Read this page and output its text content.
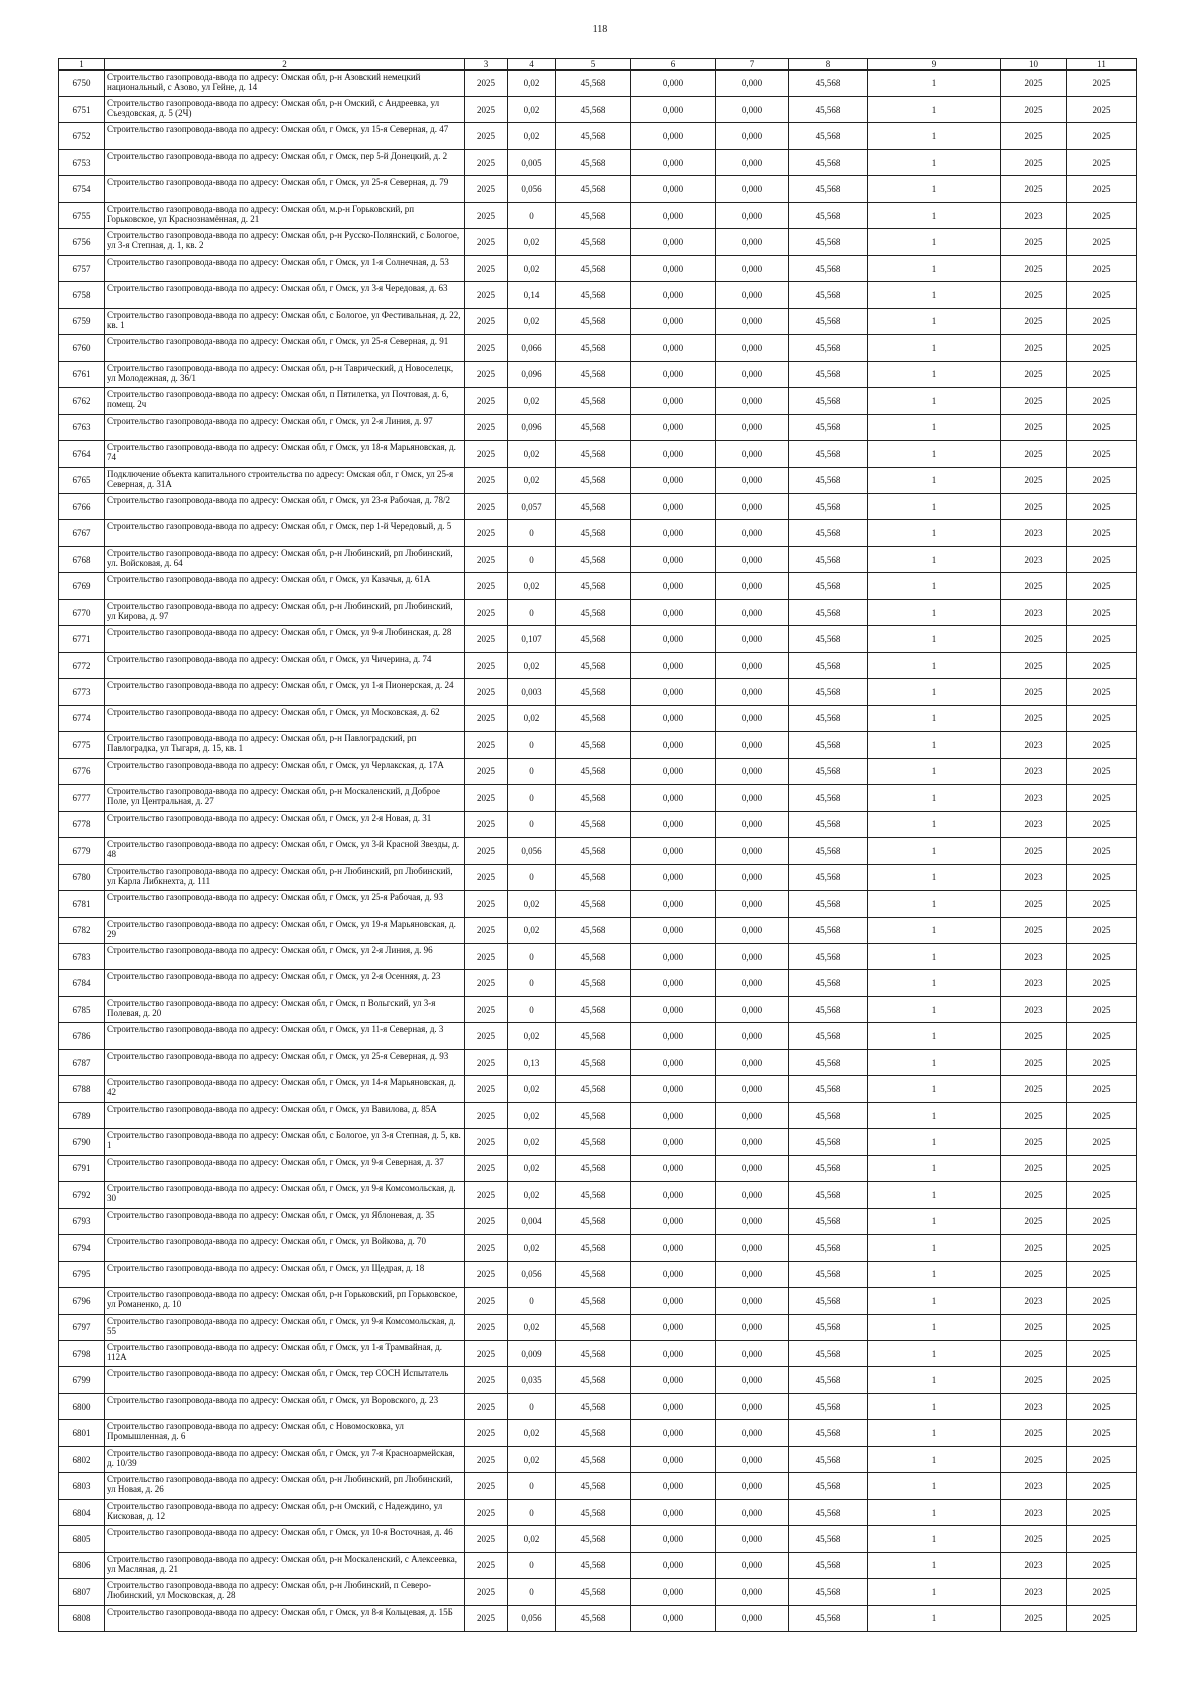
118
1	2	3	4	5	6	7	8	9	10	11
6750	Строительство газопровода-ввода по адресу: Омская обл, р-н Азовский немецкий национальный, с Азово, ул Гейне, д. 14	2025	0,02	45,568	0,000	0,000	45,568	1	2025	2025
6751	Строительство газопровода-ввода по адресу: Омская обл, р-н Омский, с Андреевка, ул Съездовская, д. 5 (2Ч)	2025	0,02	45,568	0,000	0,000	45,568	1	2025	2025
6752	Строительство газопровода-ввода по адресу: Омская обл, г Омск, ул 15-я Северная, д. 47	2025	0,02	45,568	0,000	0,000	45,568	1	2025	2025
6753	Строительство газопровода-ввода по адресу: Омская обл, г Омск, пер 5-й Донецкий, д. 2	2025	0,005	45,568	0,000	0,000	45,568	1	2025	2025
6754	Строительство газопровода-ввода по адресу: Омская обл, г Омск, ул 25-я Северная, д. 79	2025	0,056	45,568	0,000	0,000	45,568	1	2025	2025
6755	Строительство газопровода-ввода по адресу: Омская обл, м.р-н Горьковский, рп Горьковское, ул Краснознамённая, д. 21	2025	0	45,568	0,000	0,000	45,568	1	2023	2025
6756	Строительство газопровода-ввода по адресу: Омская обл, р-н Русско-Полянский, с Бологое, ул 3-я Степная, д. 1, кв. 2	2025	0,02	45,568	0,000	0,000	45,568	1	2025	2025
6757	Строительство газопровода-ввода по адресу: Омская обл, г Омск, ул 1-я Солнечная, д. 53	2025	0,02	45,568	0,000	0,000	45,568	1	2025	2025
6758	Строительство газопровода-ввода по адресу: Омская обл, г Омск, ул 3-я Чередовая, д. 63	2025	0,14	45,568	0,000	0,000	45,568	1	2025	2025
6759	Строительство газопровода-ввода по адресу: Омская обл, с Бологое, ул Фестивальная, д. 22, кв. 1	2025	0,02	45,568	0,000	0,000	45,568	1	2025	2025
6760	Строительство газопровода-ввода по адресу: Омская обл, г Омск, ул 25-я Северная, д. 91	2025	0,066	45,568	0,000	0,000	45,568	1	2025	2025
6761	Строительство газопровода-ввода по адресу: Омская обл, р-н Таврический, д Новоселецк, ул Молодежная, д. 36/1	2025	0,096	45,568	0,000	0,000	45,568	1	2025	2025
6762	Строительство газопровода-ввода по адресу: Омская обл, п Пятилетка, ул Почтовая, д. 6, помещ. 2ч	2025	0,02	45,568	0,000	0,000	45,568	1	2025	2025
6763	Строительство газопровода-ввода по адресу: Омская обл, г Омск, ул 2-я Линия, д. 97	2025	0,096	45,568	0,000	0,000	45,568	1	2025	2025
6764	Строительство газопровода-ввода по адресу: Омская обл, г Омск, ул 18-я Марьяновская, д. 74	2025	0,02	45,568	0,000	0,000	45,568	1	2025	2025
6765	Подключение объекта капитального строительства по адресу: Омская обл, г Омск, ул 25-я Северная, д. 31А	2025	0,02	45,568	0,000	0,000	45,568	1	2025	2025
6766	Строительство газопровода-ввода по адресу: Омская обл, г Омск, ул 23-я Рабочая, д. 78/2	2025	0,057	45,568	0,000	0,000	45,568	1	2025	2025
6767	Строительство газопровода-ввода по адресу: Омская обл, г Омск, пер 1-й Чередовый, д. 5	2025	0	45,568	0,000	0,000	45,568	1	2023	2025
6768	Строительство газопровода-ввода по адресу: Омская обл, р-н Любинский, рп Любинский, ул. Войсковая, д. 64	2025	0	45,568	0,000	0,000	45,568	1	2023	2025
6769	Строительство газопровода-ввода по адресу: Омская обл, г Омск, ул Казачья, д. 61А	2025	0,02	45,568	0,000	0,000	45,568	1	2025	2025
6770	Строительство газопровода-ввода по адресу: Омская обл, р-н Любинский, рп Любинский, ул Кирова, д. 97	2025	0	45,568	0,000	0,000	45,568	1	2023	2025
6771	Строительство газопровода-ввода по адресу: Омская обл, г Омск, ул 9-я Любинская, д. 28	2025	0,107	45,568	0,000	0,000	45,568	1	2025	2025
6772	Строительство газопровода-ввода по адресу: Омская обл, г Омск, ул Чичерина, д. 74	2025	0,02	45,568	0,000	0,000	45,568	1	2025	2025
6773	Строительство газопровода-ввода по адресу: Омская обл, г Омск, ул 1-я Пионерская, д. 24	2025	0,003	45,568	0,000	0,000	45,568	1	2025	2025
6774	Строительство газопровода-ввода по адресу: Омская обл, г Омск, ул Московская, д. 62	2025	0,02	45,568	0,000	0,000	45,568	1	2025	2025
6775	Строительство газопровода-ввода по адресу: Омская обл, р-н Павлоградский, рп Павлоградка, ул Тыгаря, д. 15, кв. 1	2025	0	45,568	0,000	0,000	45,568	1	2023	2025
6776	Строительство газопровода-ввода по адресу: Омская обл, г Омск, ул Черлакская, д. 17А	2025	0	45,568	0,000	0,000	45,568	1	2023	2025
6777	Строительство газопровода-ввода по адресу: Омская обл, р-н Москаленский, д Доброе Поле, ул Центральная, д. 27	2025	0	45,568	0,000	0,000	45,568	1	2023	2025
6778	Строительство газопровода-ввода по адресу: Омская обл, г Омск, ул 2-я Новая, д. 31	2025	0	45,568	0,000	0,000	45,568	1	2023	2025
6779	Строительство газопровода-ввода по адресу: Омская обл, г Омск, ул 3-й Красной Звезды, д. 48	2025	0,056	45,568	0,000	0,000	45,568	1	2025	2025
6780	Строительство газопровода-ввода по адресу: Омская обл, р-н Любинский, рп Любинский, ул Карла Либкнехта, д. 111	2025	0	45,568	0,000	0,000	45,568	1	2023	2025
6781	Строительство газопровода-ввода по адресу: Омская обл, г Омск, ул 25-я Рабочая, д. 93	2025	0,02	45,568	0,000	0,000	45,568	1	2025	2025
6782	Строительство газопровода-ввода по адресу: Омская обл, г Омск, ул 19-я Марьяновская, д. 29	2025	0,02	45,568	0,000	0,000	45,568	1	2025	2025
6783	Строительство газопровода-ввода по адресу: Омская обл, г Омск, ул 2-я Линия, д. 96	2025	0	45,568	0,000	0,000	45,568	1	2023	2025
6784	Строительство газопровода-ввода по адресу: Омская обл, г Омск, ул 2-я Осенняя, д. 23	2025	0	45,568	0,000	0,000	45,568	1	2023	2025
6785	Строительство газопровода-ввода по адресу: Омская обл, г Омск, п Вольгский, ул 3-я Полевая, д. 20	2025	0	45,568	0,000	0,000	45,568	1	2023	2025
6786	Строительство газопровода-ввода по адресу: Омская обл, г Омск, ул 11-я Северная, д. 3	2025	0,02	45,568	0,000	0,000	45,568	1	2025	2025
6787	Строительство газопровода-ввода по адресу: Омская обл, г Омск, ул 25-я Северная, д. 93	2025	0,13	45,568	0,000	0,000	45,568	1	2025	2025
6788	Строительство газопровода-ввода по адресу: Омская обл, г Омск, ул 14-я Марьяновская, д. 42	2025	0,02	45,568	0,000	0,000	45,568	1	2025	2025
6789	Строительство газопровода-ввода по адресу: Омская обл, г Омск, ул Вавилова, д. 85А	2025	0,02	45,568	0,000	0,000	45,568	1	2025	2025
6790	Строительство газопровода-ввода по адресу: Омская обл, с Бологое, ул 3-я Степная, д. 5, кв. 1	2025	0,02	45,568	0,000	0,000	45,568	1	2025	2025
6791	Строительство газопровода-ввода по адресу: Омская обл, г Омск, ул 9-я Северная, д. 37	2025	0,02	45,568	0,000	0,000	45,568	1	2025	2025
6792	Строительство газопровода-ввода по адресу: Омская обл, г Омск, ул 9-я Комсомольская, д. 30	2025	0,02	45,568	0,000	0,000	45,568	1	2025	2025
6793	Строительство газопровода-ввода по адресу: Омская обл, г Омск, ул Яблоневая, д. 35	2025	0,004	45,568	0,000	0,000	45,568	1	2025	2025
6794	Строительство газопровода-ввода по адресу: Омская обл, г Омск, ул Войкова, д. 70	2025	0,02	45,568	0,000	0,000	45,568	1	2025	2025
6795	Строительство газопровода-ввода по адресу: Омская обл, г Омск, ул Щедрая, д. 18	2025	0,056	45,568	0,000	0,000	45,568	1	2025	2025
6796	Строительство газопровода-ввода по адресу: Омская обл, р-н Горьковский, рп Горьковское, ул Романенко, д. 10	2025	0	45,568	0,000	0,000	45,568	1	2023	2025
6797	Строительство газопровода-ввода по адресу: Омская обл, г Омск, ул 9-я Комсомольская, д. 55	2025	0,02	45,568	0,000	0,000	45,568	1	2025	2025
6798	Строительство газопровода-ввода по адресу: Омская обл, г Омск, ул 1-я Трамвайная, д. 112А	2025	0,009	45,568	0,000	0,000	45,568	1	2025	2025
6799	Строительство газопровода-ввода по адресу: Омская обл, г Омск, тер СОСН Испытатель	2025	0,035	45,568	0,000	0,000	45,568	1	2025	2025
6800	Строительство газопровода-ввода по адресу: Омская обл, г Омск, ул Воровского, д. 23	2025	0	45,568	0,000	0,000	45,568	1	2023	2025
6801	Строительство газопровода-ввода по адресу: Омская обл, с Новомосковка, ул Промышленная, д. 6	2025	0,02	45,568	0,000	0,000	45,568	1	2025	2025
6802	Строительство газопровода-ввода по адресу: Омская обл, г Омск, ул 7-я Красноармейская, д. 10/39	2025	0,02	45,568	0,000	0,000	45,568	1	2025	2025
6803	Строительство газопровода-ввода по адресу: Омская обл, р-н Любинский, рп Любинский, ул Новая, д. 26	2025	0	45,568	0,000	0,000	45,568	1	2023	2025
6804	Строительство газопровода-ввода по адресу: Омская обл, р-н Омский, с Надеждино, ул Кисковая, д. 12	2025	0	45,568	0,000	0,000	45,568	1	2023	2025
6805	Строительство газопровода-ввода по адресу: Омская обл, г Омск, ул 10-я Восточная, д. 46	2025	0,02	45,568	0,000	0,000	45,568	1	2025	2025
6806	Строительство газопровода-ввода по адресу: Омская обл, р-н Москаленский, с Алексеевка, ул Масляная, д. 21	2025	0	45,568	0,000	0,000	45,568	1	2023	2025
6807	Строительство газопровода-ввода по адресу: Омская обл, р-н Любинский, п Северо-Любинский, ул Московская, д. 28	2025	0	45,568	0,000	0,000	45,568	1	2023	2025
6808	Строительство газопровода-ввода по адресу: Омская обл, г Омск, ул 8-я Кольцевая, д. 15Б	2025	0,056	45,568	0,000	0,000	45,568	1	2025	2025
